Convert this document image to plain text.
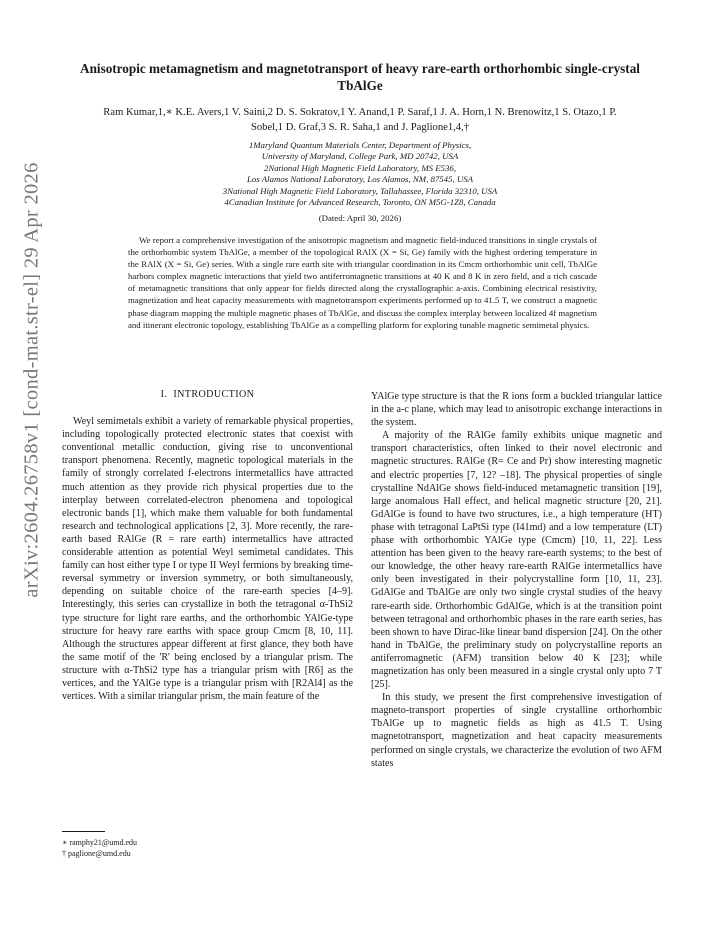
arXiv:2604.26758v1 [cond-mat.str-el] 29 Apr 2026
Anisotropic metamagnetism and magnetotransport of heavy rare-earth orthorhombic single-crystal TbAlGe
Ram Kumar,1,∗ K.E. Avers,1 V. Saini,2 D. S. Sokratov,1 Y. Anand,1 P. Saraf,1 J. A. Horn,1 N. Brenowitz,1 S. Otazo,1 P. Sobel,1 D. Graf,3 S. R. Saha,1 and J. Paglione1,4,†
1Maryland Quantum Materials Center, Department of Physics,
University of Maryland, College Park, MD 20742, USA
2National High Magnetic Field Laboratory, MS E536,
Los Alamos National Laboratory, Los Alamos, NM, 87545, USA
3National High Magnetic Field Laboratory, Tallahassee, Florida 32310, USA
4Canadian Institute for Advanced Research, Toronto, ON M5G-1Z8, Canada
(Dated: April 30, 2026)

We report a comprehensive investigation of the anisotropic magnetism and magnetic field-induced transitions in single crystals of the orthorhombic system TbAlGe, a member of the topological RAlX (X = Si, Ge) family with the highest ordering temperature in the RAlX (X = Si, Ge) series. With a single rare earth site with triangular coordination in its Cmcm orthorhombic unit cell, TbAlGe harbors complex magnetic interactions that yield two antiferromagnetic transitions at 40 K and 8 K in zero field, and a rich cascade of metamagnetic transitions that only appear for fields directed along the crystallographic a-axis. Combining electrical resistivity, magnetization and heat capacity measurements with magnetotransport experiments performed up to 41.5 T, we construct a magnetic phase diagram mapping the multiple magnetic phases of TbAlGe, and discuss the complex interplay between localized 4f magnetism and itinerant electronic topology, establishing TbAlGe as a compelling platform for exploring tunable magnetic semimetal physics.

I. INTRODUCTION

Weyl semimetals exhibit a variety of remarkable physical properties, including topologically protected electronic states that coexist with conventional metallic conduction, giving rise to unconventional transport phenomena. Recently, magnetic topological materials in the family of strongly correlated f-electrons intermetallics have attracted much attention as they provide rich physical properties due to the interplay between correlated-electron phenomena and topological electronic bands [1], which make them valuable for both fundamental research and technological applications [2, 3]. More recently, the rare-earth based RAlGe (R = rare earth) intermetallics have attracted considerable attention as potential Weyl semimetal candidates. This family can host either type I or type II Weyl fermions by breaking time-reversal symmetry or inversion symmetry, or both simultaneously, depending on suitable choice of the rare-earth species [4–9]. Interestingly, this series can crystallize in both the tetragonal α-ThSi2 type structure for light rare earths, and the orthorhombic YAlGe-type structure for heavy rare earths with space group Cmcm [8, 10, 11]. Although the structures appear different at first glance, they both have the same motif of the 'R' being enclosed by a triangular prism. The structure with α-ThSi2 type has a triangular prism with [R6] as the vertices, and the YAlGe type is a triangular prism with [R2Al4] as the vertices. With a similar triangular prism, the main feature of the

YAlGe type structure is that the R ions form a buckled triangular lattice in the a-c plane, which may lead to anisotropic exchange interactions in the system.

A majority of the RAlGe family exhibits unique magnetic and transport characteristics, often linked to their novel electronic and magnetic structures. RAlGe (R= Ce and Pr) show interesting magnetic and electric properties [7, 12? –18]. The physical properties of single crystalline NdAlGe shows field-induced metamagnetic transition [19], large anomalous Hall effect, and helical magnetic structure [20, 21]. GdAlGe is found to have two structures, i.e., a high temperature (HT) phase with tetragonal LaPtSi type (I41md) and a low temperature (LT) phase with orthorhombic YAlGe type (Cmcm) [10, 11, 22]. Less attention has been given to the heavy rare-earth systems; to the best of our knowledge, the other heavy rare-earth RAlGe intermetallics have only been investigated in their polycrystalline form [10, 11, 23]. GdAlGe and TbAlGe are only two single crystal studies of the heavy rare-earth side. Orthorhombic GdAlGe, which is at the transition point between tetragonal and orthorhombic phases in the rare earth series, has been shown to have Dirac-like linear band dispersion [24]. On the other hand in TbAlGe, the preliminary study on polycrystalline reports an antiferromagnetic (AFM) transition below 40 K [23]; while magnetization has only been measured in a single crystal only upto 7 T [25].

In this study, we present the first comprehensive investigation of magneto-transport properties of single crystalline orthorhombic TbAlGe up to magnetic fields as high as 41.5 T. Using magnetotransport, magnetization and heat capacity measurements performed on single crystals, we characterize the evolution of two AFM states

∗ ramphy21@umd.edu
† paglione@umd.edu
